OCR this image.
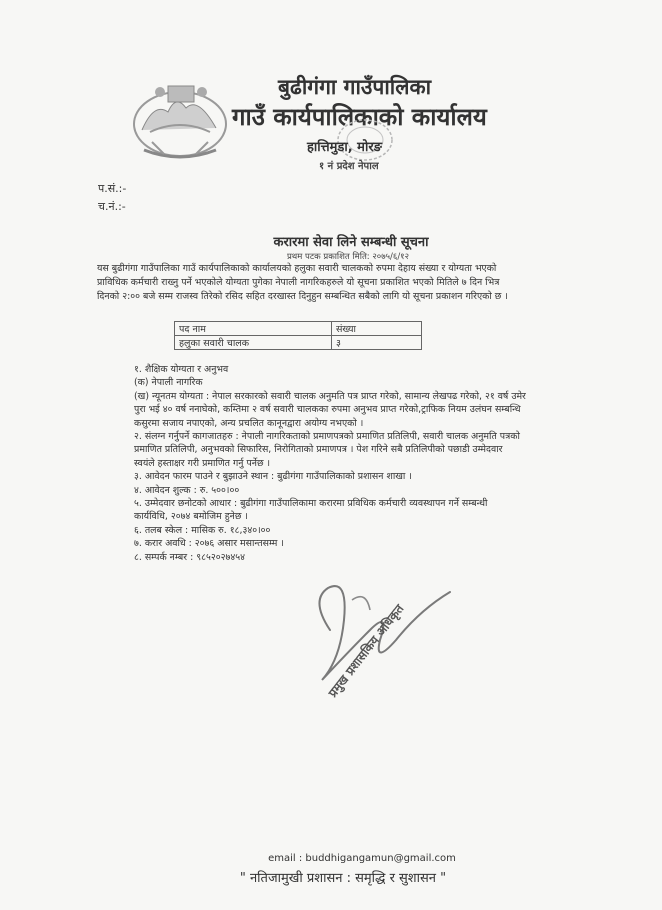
बुढीगंगा गाउँपालिका
गाउँ कार्यपालिकाको कार्यालय
हात्तिमुडा, मोरङ
१ नं प्रदेश नेपाल
प.सं.:-
च.नं.:-
करारमा सेवा लिने सम्बन्धी सूचना
प्रथम पटक प्रकाशित मिति: २०७५/६/१२
यस बुढीगंगा गाउँपालिका गाउँ कार्यपालिकाको कार्यालयको हलुका सवारी चालकको रुपमा देहाय संख्या र योग्यता भएको
प्राविधिक कर्मचारी राख्नु पर्ने भएकोले योग्यता पुगेका नेपाली नागरिकहरुले यो सूचना प्रकाशित भएको मितिले ७ दिन भित्र
दिनको २:०० बजे सम्म राजस्व तिरेको रसिद सहित दरखास्त दिनुहुन सम्बन्धित सबैको लागि यो सूचना प्रकाशन गरिएको छ ।
पद नाम	संख्या
हलुका सवारी चालक	३
१. शैक्षिक योग्यता र अनुभव
(क) नेपाली नागरिक
(ख) न्यूनतम योग्यता : नेपाल सरकारको सवारी चालक अनुमति पत्र प्राप्त गरेको, सामान्य लेखपढ गरेको, २१ वर्ष उमेर
पुरा भई ४० वर्ष ननाघेको, कम्तिमा २ वर्ष सवारी चालकका रुपमा अनुभव प्राप्त गरेको,ट्राफिक नियम उलंघन सम्बन्धि
कसुरमा सजाय नपाएको, अन्य प्रचलित कानूनद्वारा अयोग्य नभएको ।
२. संलग्न गर्नुपर्ने कागजातहरु : नेपाली नागरिकताको प्रमाणपत्रको प्रमाणित प्रतिलिपी, सवारी चालक अनुमति पत्रको
प्रमाणित प्रतिलिपी, अनुभवको सिफारिस, निरोगिताको प्रमाणपत्र । पेश गरिने सबै प्रतिलिपीको पछाडी उम्मेदवार
स्वयंले हस्ताक्षर गरी प्रमाणित गर्नु पर्नेछ ।
३. आवेदन फारम पाउने र बुझाउने स्थान : बुढीगंगा गाउँपालिकाको प्रशासन शाखा ।
४. आवेदन शुल्क : रु. ५००।००
५. उम्मेदवार छनोटको आधार : बुढीगंगा गाउँपालिकामा करारमा प्रविधिक कर्मचारी व्यवस्थापन गर्ने सम्बन्धी
कार्यविधि, २०७४ बमोजिम हुनेछ ।
६. तलब स्केल : मासिक रु. १८,३४०।००
७. करार अवधि : २०७६ असार मसान्तसम्म ।
८. सम्पर्क नम्बर : ९८५२०२७४५४
प्रमुख प्रशासकिय अधिकृत
email : buddhigangamun@gmail.com
" नतिजामुखी प्रशासन : समृद्धि र सुशासन "
